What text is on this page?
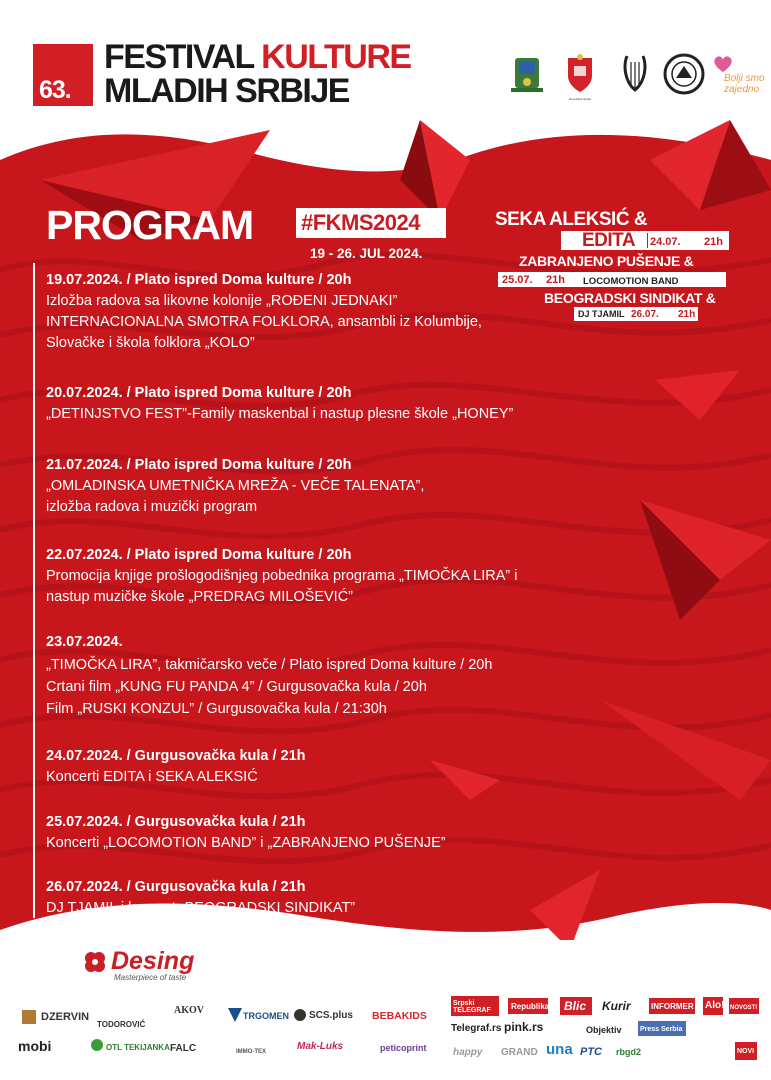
63.
FESTIVAL KULTURE
MLADIH SRBIJE	Republika Srbija
Bolji smo
zajedno
PROGRAM #FKMS2024
19 - 26. JUL 2024.
SEKA ALEKSIĆ &
EDITA 24.07. 21h
ZABRANJENO PUŠENJE &
25.07. 21h LOCOMOTION BAND
BEOGRADSKI SINDIKAT &
DJ TJAMIL 26.07. 21h
19.07.2024. / Plato ispred Doma kulture / 20h
Izložba radova sa likovne kolonije „ROĐENI JEDNAKI”
INTERNACIONALNA SMOTRA FOLKLORA, ansambli iz Kolumbije,
Slovačke i škola folklora „KOLO”
20.07.2024. / Plato ispred Doma kulture / 20h
„DETINJSTVO FEST”-Family maskenbal i nastup plesne škole „HONEY”
21.07.2024. / Plato ispred Doma kulture / 20h
„OMLADINSKA UMETNIČKA MREŽA - VEČE TALENATA”,
izložba radova i muzički program
22.07.2024. / Plato ispred Doma kulture / 20h
Promocija knjige prošlogodišnjeg pobednika programa „TIMOČKA LIRA” i
nastup muzičke škole „PREDRAG MILOŠEVIĆ”
23.07.2024.
„TIMOČKA LIRA”, takmičarsko veče / Plato ispred Doma kulture / 20h
Crtani film „KUNG FU PANDA 4” / Gurgusovačka kula / 20h
Film „RUSKI KONZUL” / Gurgusovačka kula / 21:30h
24.07.2024. / Gurgusovačka kula / 21h
Koncerti EDITA i SEKA ALEKSIĆ
25.07.2024. / Gurgusovačka kula / 21h
Koncerti „LOCOMOTION BAND” i „ZABRANJENO PUŠENJE”
26.07.2024. / Gurgusovačka kula / 21h
DJ TJAMIL i koncert „BEOGRADSKI SINDIKAT”
Desing
Masterpiece of taste
DZERVIN
TODOROVIĆ
AKOV	TRGOMEN SCS.plus BEBAKIDS
mobi	OTL TEKIJANKA FALC	IMMO-TEX	Mak-Luks	peticoprint
Srpski TELEGRAF	Republika Blic Kurir	INFORMER Alo! NOVOSTI
Telegraf.rs pink.rs	Objektiv	Press Serbia
happy GRAND una PTC rbgd2	NOVI
